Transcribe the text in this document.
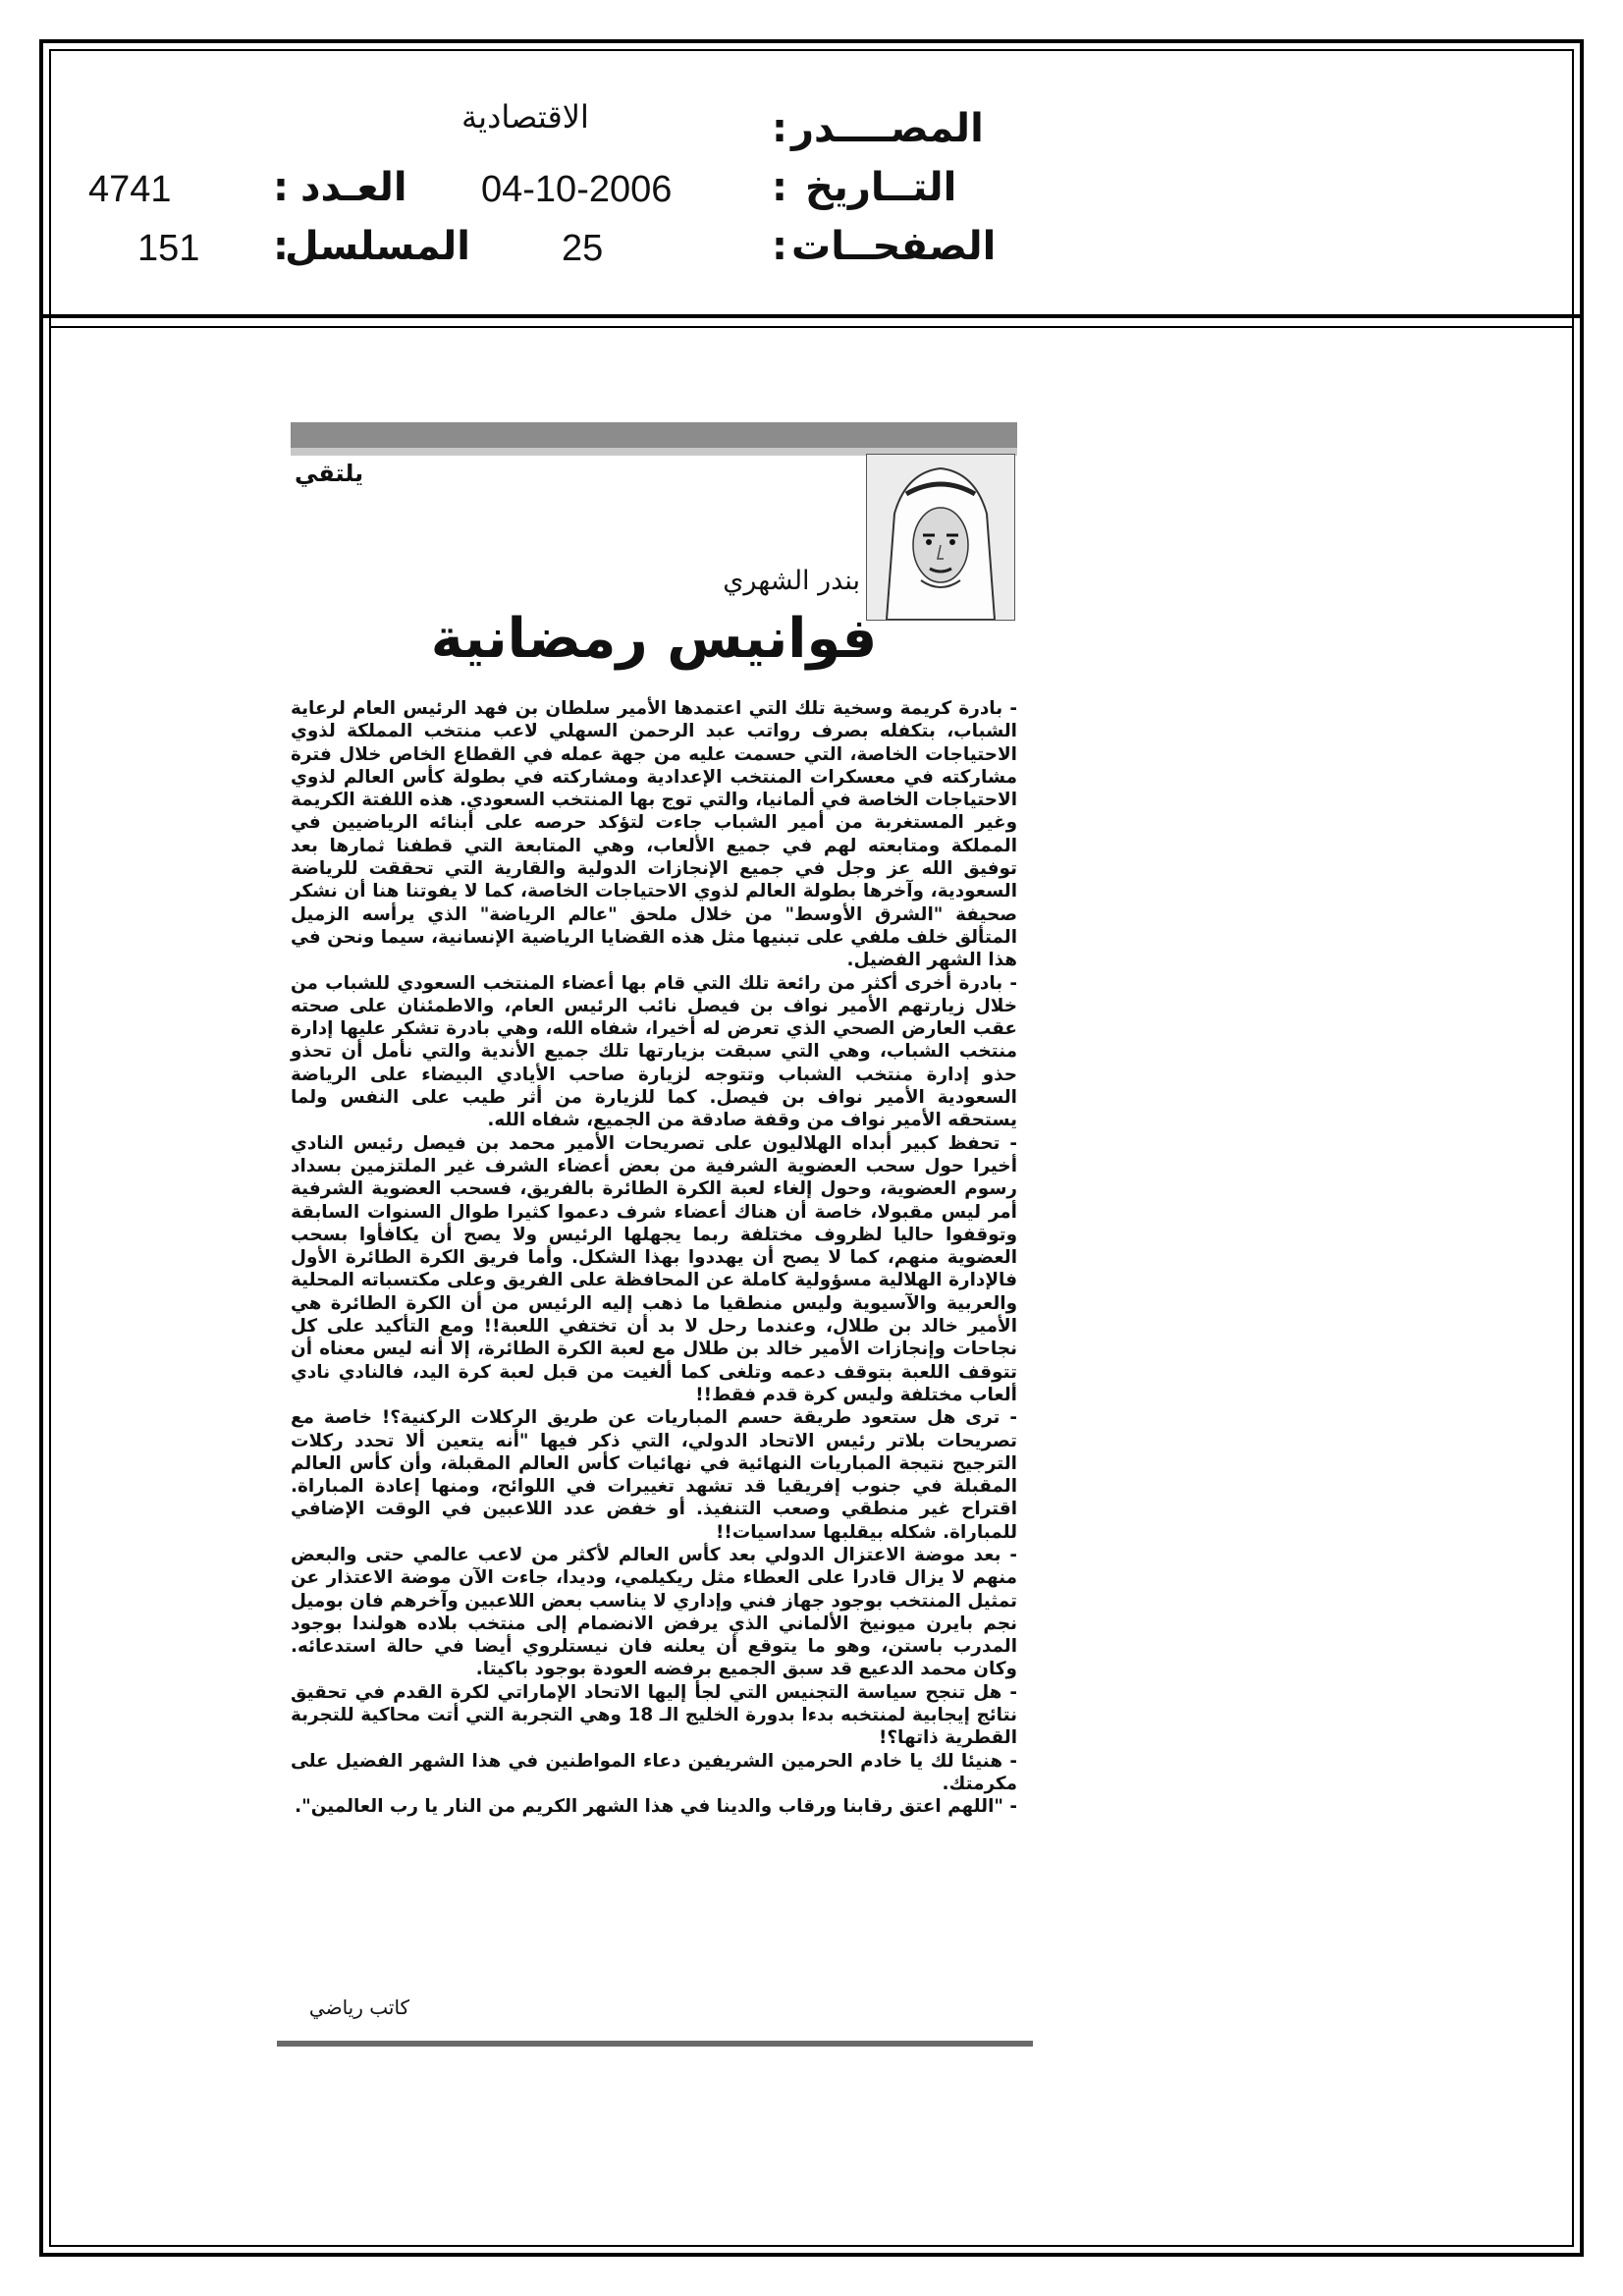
المصــــدر
:
الاقتصادية
التــاريخ
:
04-10-2006
الصفحــات
:
25
العـدد
:
4741
المسلسل
:
151
يلتقي
بندر الشهري
فوانيس رمضانية

- بادرة كريمة وسخية تلك التي اعتمدها الأمير سلطان بن فهد الرئيس العام لرعاية الشباب، بتكفله بصرف رواتب عبد الرحمن السهلي لاعب منتخب المملكة لذوي الاحتياجات الخاصة، التي حسمت عليه من جهة عمله في القطاع الخاص خلال فترة مشاركته في معسكرات المنتخب الإعدادية ومشاركته في بطولة كأس العالم لذوي الاحتياجات الخاصة في ألمانيا، والتي توج بها المنتخب السعودي. هذه اللفتة الكريمة وغير المستغربة من أمير الشباب جاءت لتؤكد حرصه على أبنائه الرياضيين في المملكة ومتابعته لهم في جميع الألعاب، وهي المتابعة التي قطفنا ثمارها بعد توفيق الله عز وجل في جميع الإنجازات الدولية والقارية التي تحققت للرياضة السعودية، وآخرها بطولة العالم لذوي الاحتياجات الخاصة، كما لا يفوتنا هنا أن نشكر صحيفة "الشرق الأوسط" من خلال ملحق "عالم الرياضة" الذي يرأسه الزميل المتألق خلف ملفي على تبنيها مثل هذه القضايا الرياضية الإنسانية، سيما ونحن في هذا الشهر الفضيل.

- بادرة أخرى أكثر من رائعة تلك التي قام بها أعضاء المنتخب السعودي للشباب من خلال زيارتهم الأمير نواف بن فيصل نائب الرئيس العام، والاطمئنان على صحته عقب العارض الصحي الذي تعرض له أخيرا، شفاه الله، وهي بادرة تشكر عليها إدارة منتخب الشباب، وهي التي سبقت بزيارتها تلك جميع الأندية والتي نأمل أن تحذو حذو إدارة منتخب الشباب وتتوجه لزيارة صاحب الأيادي البيضاء على الرياضة السعودية الأمير نواف بن فيصل. كما للزيارة من أثر طيب على النفس ولما يستحقه الأمير نواف من وقفة صادقة من الجميع، شفاه الله.

- تحفظ كبير أبداه الهلاليون على تصريحات الأمير محمد بن فيصل رئيس النادي أخيرا حول سحب العضوية الشرفية من بعض أعضاء الشرف غير الملتزمين بسداد رسوم العضوية، وحول إلغاء لعبة الكرة الطائرة بالفريق، فسحب العضوية الشرفية أمر ليس مقبولا، خاصة أن هناك أعضاء شرف دعموا كثيرا طوال السنوات السابقة وتوقفوا حاليا لظروف مختلفة ربما يجهلها الرئيس ولا يصح أن يكافأوا بسحب العضوية منهم، كما لا يصح أن يهددوا بهذا الشكل. وأما فريق الكرة الطائرة الأول فالإدارة الهلالية مسؤولية كاملة عن المحافظة على الفريق وعلى مكتسباته المحلية والعربية والآسيوية وليس منطقيا ما ذهب إليه الرئيس من أن الكرة الطائرة هي الأمير خالد بن طلال، وعندما رحل لا بد أن تختفي اللعبة!! ومع التأكيد على كل نجاحات وإنجازات الأمير خالد بن طلال مع لعبة الكرة الطائرة، إلا أنه ليس معناه أن تتوقف اللعبة بتوقف دعمه وتلغى كما ألغيت من قبل لعبة كرة اليد، فالنادي نادي ألعاب مختلفة وليس كرة قدم فقط!!

- ترى هل ستعود طريقة حسم المباريات عن طريق الركلات الركنية؟! خاصة مع تصريحات بلاتر رئيس الاتحاد الدولي، التي ذكر فيها "أنه يتعين ألا تحدد ركلات الترجيح نتيجة المباريات النهائية في نهائيات كأس العالم المقبلة، وأن كأس العالم المقبلة في جنوب إفريقيا قد تشهد تغييرات في اللوائح، ومنها إعادة المباراة. اقتراح غير منطقي وصعب التنفيذ. أو خفض عدد اللاعبين في الوقت الإضافي للمباراة. شكله بيقلبها سداسيات!!

- بعد موضة الاعتزال الدولي بعد كأس العالم لأكثر من لاعب عالمي حتى والبعض منهم لا يزال قادرا على العطاء مثل ريكيلمي، وديدا، جاءت الآن موضة الاعتذار عن تمثيل المنتخب بوجود جهاز فني وإداري لا يناسب بعض اللاعبين وآخرهم فان بوميل نجم بايرن ميونيخ الألماني الذي يرفض الانضمام إلى منتخب بلاده هولندا بوجود المدرب باستن، وهو ما يتوقع أن يعلنه فان نيستلروي أيضا في حالة استدعائه. وكان محمد الدعيع قد سبق الجميع برفضه العودة بوجود باكيتا.

- هل تنجح سياسة التجنيس التي لجأ إليها الاتحاد الإماراتي لكرة القدم في تحقيق نتائج إيجابية لمنتخبه بدءا بدورة الخليج الـ 18 وهي التجربة التي أتت محاكية للتجربة القطرية ذاتها؟!

- هنيئا لك يا خادم الحرمين الشريفين دعاء المواطنين في هذا الشهر الفضيل على مكرمتك.

- "اللهم اعتق رقابنا ورقاب والدينا في هذا الشهر الكريم من النار يا رب العالمين".

كاتب رياضي
